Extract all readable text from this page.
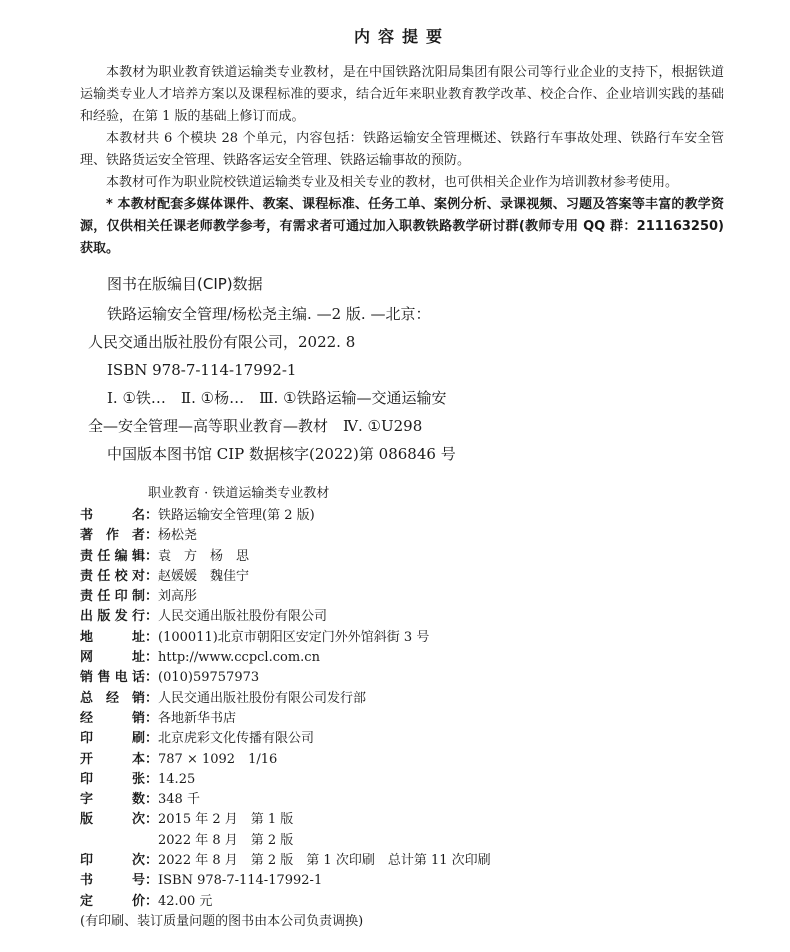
内容提要

本教材为职业教育铁道运输类专业教材，是在中国铁路沈阳局集团有限公司等行业企业的支持下，根据铁道运输类专业人才培养方案以及课程标准的要求，结合近年来职业教育教学改革、校企合作、企业培训实践的基础和经验，在第 1 版的基础上修订而成。

本教材共 6 个模块 28 个单元，内容包括：铁路运输安全管理概述、铁路行车事故处理、铁路行车安全管理、铁路货运安全管理、铁路客运安全管理、铁路运输事故的预防。

本教材可作为职业院校铁道运输类专业及相关专业的教材，也可供相关企业作为培训教材参考使用。

* 本教材配套多媒体课件、教案、课程标准、任务工单、案例分析、录课视频、习题及答案等丰富的教学资源，仅供相关任课老师教学参考，有需求者可通过加入职教铁路教学研讨群(教师专用 QQ 群：211163250)获取。

图书在版编目(CIP)数据
铁路运输安全管理/杨松尧主编. —2 版. —北京：
人民交通出版社股份有限公司，2022. 8
ISBN 978-7-114-17992-1
Ⅰ. ①铁…　Ⅱ. ①杨…　Ⅲ. ①铁路运输—交通运输安
全—安全管理—高等职业教育—教材　Ⅳ. ①U298
中国版本图书馆 CIP 数据核字(2022)第 086846 号
职业教育 · 铁道运输类专业教材
书名 ： 铁路运输安全管理(第 2 版)
著作者 ： 杨松尧
责任编辑 ： 袁　方　杨　思
责任校对 ： 赵媛媛　魏佳宁
责任印制 ： 刘高彤
出版发行 ： 人民交通出版社股份有限公司
地址 ： (100011)北京市朝阳区安定门外外馆斜街 3 号
网址 ： http://www.ccpcl.com.cn
销售电话 ： (010)59757973
总经销 ： 人民交通出版社股份有限公司发行部
经销 ： 各地新华书店
印刷 ： 北京虎彩文化传播有限公司
开本 ： 787 × 1092　1/16
印张 ： 14.25
字数 ： 348 千
版次 ： 2015 年 2 月　第 1 版
2022 年 8 月　第 2 版
印次 ： 2022 年 8 月　第 2 版　第 1 次印刷　总计第 11 次印刷
书号 ： ISBN 978-7-114-17992-1
定价 ： 42.00 元
(有印刷、装订质量问题的图书由本公司负责调换)
